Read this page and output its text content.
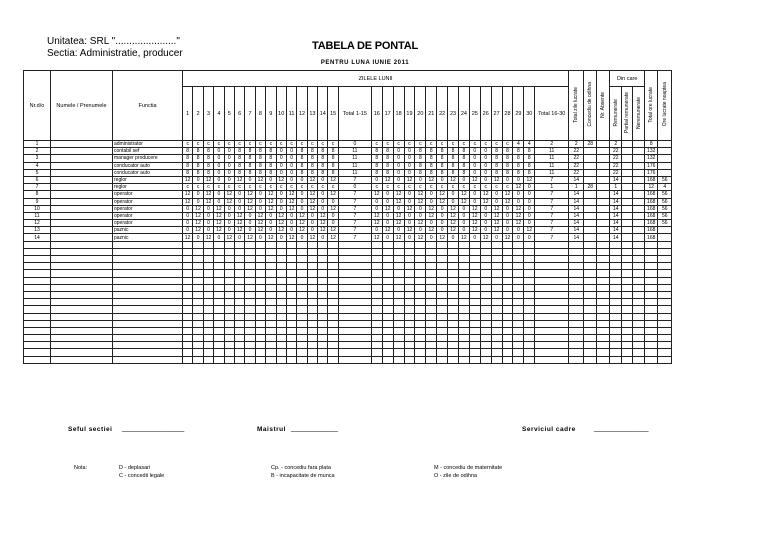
Unitatea: SRL "......................"
Sectia: Administratie, producer
TABELA DE PONTAL
PENTRU LUNA IUNIE 2011
Nr.d/o	Numele / Prenumele	Functia	ZILELE LUNII																																Total zile lucrate	Concediu de odihna	Nr. Absente	Din care			Total ore lucrate	Ore lucrate noaptea
			1	2	3	4	5	6	7	8	9	10	11	12	13	14	15	Total 1-15	16	17	18	19	20	21	22	23	24	25	26	27	28	29	30	Total 16-30				Remunerate	Partial remunerate	Neremunerate		

1		administrator	c	c	c	c	c	c	c	c	c	c	c	c	c	c	c	0	c	c	c	c	c	c	c	c	c	c	c	c	c	4	4	2	2	28		2			8	
2		contabil sef	8	8	8	0	0	8	8	8	8	0	0	8	8	8	8	11	8	8	0	0	8	8	8	8	8	0	0	8	8	8	8	11	22			22			132	
3		manager producere	8	8	8	0	0	8	8	8	8	0	0	8	8	8	8	11	8	8	0	0	8	8	8	8	8	0	0	8	8	8	8	11	22			22			132	
4		conducator auto	8	8	8	0	0	8	8	8	8	0	0	8	8	8	8	11	8	8	0	0	8	8	8	8	8	0	0	8	8	8	8	11	22			22			176	
5		conducator auto	8	8	8	0	0	8	8	8	8	0	0	8	8	8	8	11	8	8	0	0	8	8	8	8	8	0	0	8	8	8	8	11	22			22			176	
6		reglor	12	0	12	0	0	12	0	12	0	12	0	0	12	0	12	7	0	12	0	12	0	12	0	12	0	12	0	12	0	0	12	7	14			14			168	56
7		reglor	c	c	c	c	c	c	c	c	c	c	c	c	c	c	c	0	c	c	c	c	c	c	c	c	c	c	c	c	c	12	0	1	1	28		1			12	4
8		operator	12	0	12	0	12	0	12	0	12	0	12	0	12	0	12	7	12	0	12	0	12	0	12	0	12	0	12	0	12	0	0	7	14			14			168	56
9		operator	12	0	12	0	12	0	12	0	12	0	12	0	12	0	0	7	0	0	12	0	12	0	12	0	12	0	12	0	12	0	0	7	14			14			168	56
10		operator	0	12	0	12	0	0	12	0	12	0	12	0	12	0	12	7	0	12	0	12	0	12	0	12	0	12	0	12	0	12	0	7	14			14			168	56
11		operator	0	12	0	12	0	12	0	12	0	12	0	12	0	12	0	7	12	0	12	0	0	12	0	12	0	12	0	12	0	12	0	7	14			14			168	56
12		operator	0	12	0	12	0	12	0	12	0	12	0	12	0	12	0	7	12	0	12	0	12	0	0	12	0	12	0	12	0	12	0	7	14			14			168	56
13		paznic	0	12	0	12	0	12	0	12	0	12	0	12	0	12	12	7	0	12	0	12	0	12	0	12	0	12	0	12	0	0	12	7	14			14			168	
14		paznic	12	0	12	0	12	0	12	0	12	0	12	0	12	0	12	7	12	0	12	0	12	0	12	0	12	0	12	0	12	0	0	7	14			14			168	

Seful sectiei ________________	Maistrul ____________	Serviciul cadre	______________
Nota:	D - deplasari
C - concedii legale
Cp. - concediu fara plata
B - incapacitate de munca
M - concediu de maternitate
O - zile de odihna
